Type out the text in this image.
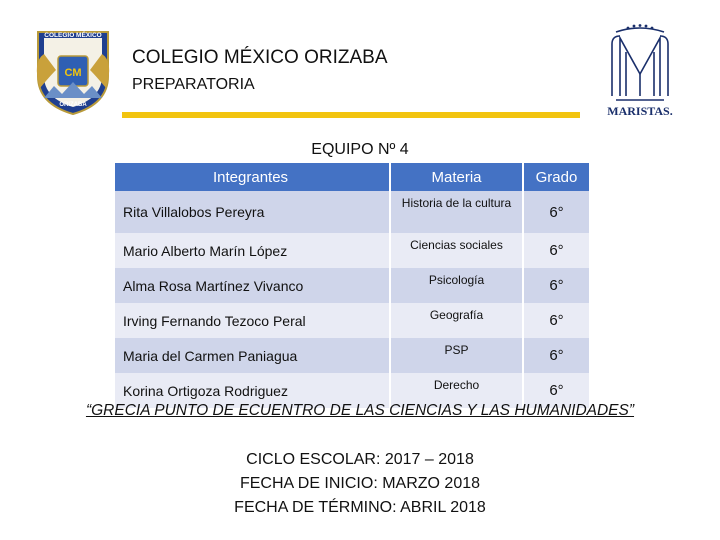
CM
COLEGIO MÉXICO
ORIZABA
COLEGIO MÉXICO ORIZABA
PREPARATORIA
MARISTAS.
EQUIPO Nº 4
Integrantes	Materia	Grado
Rita Villalobos Pereyra	Historia de la cultura	6°
Mario Alberto Marín López	Ciencias sociales	6°
Alma Rosa Martínez Vivanco	Psicología	6°
Irving Fernando Tezoco Peral	Geografía	6°
Maria del Carmen Paniagua	PSP	6°
Korina Ortigoza Rodriguez	Derecho	6°
“GRECIA PUNTO DE ECUENTRO DE LAS CIENCIAS Y LAS HUMANIDADES”
CICLO ESCOLAR: 2017 – 2018
FECHA DE INICIO: MARZO 2018
FECHA DE TÉRMINO: ABRIL 2018
